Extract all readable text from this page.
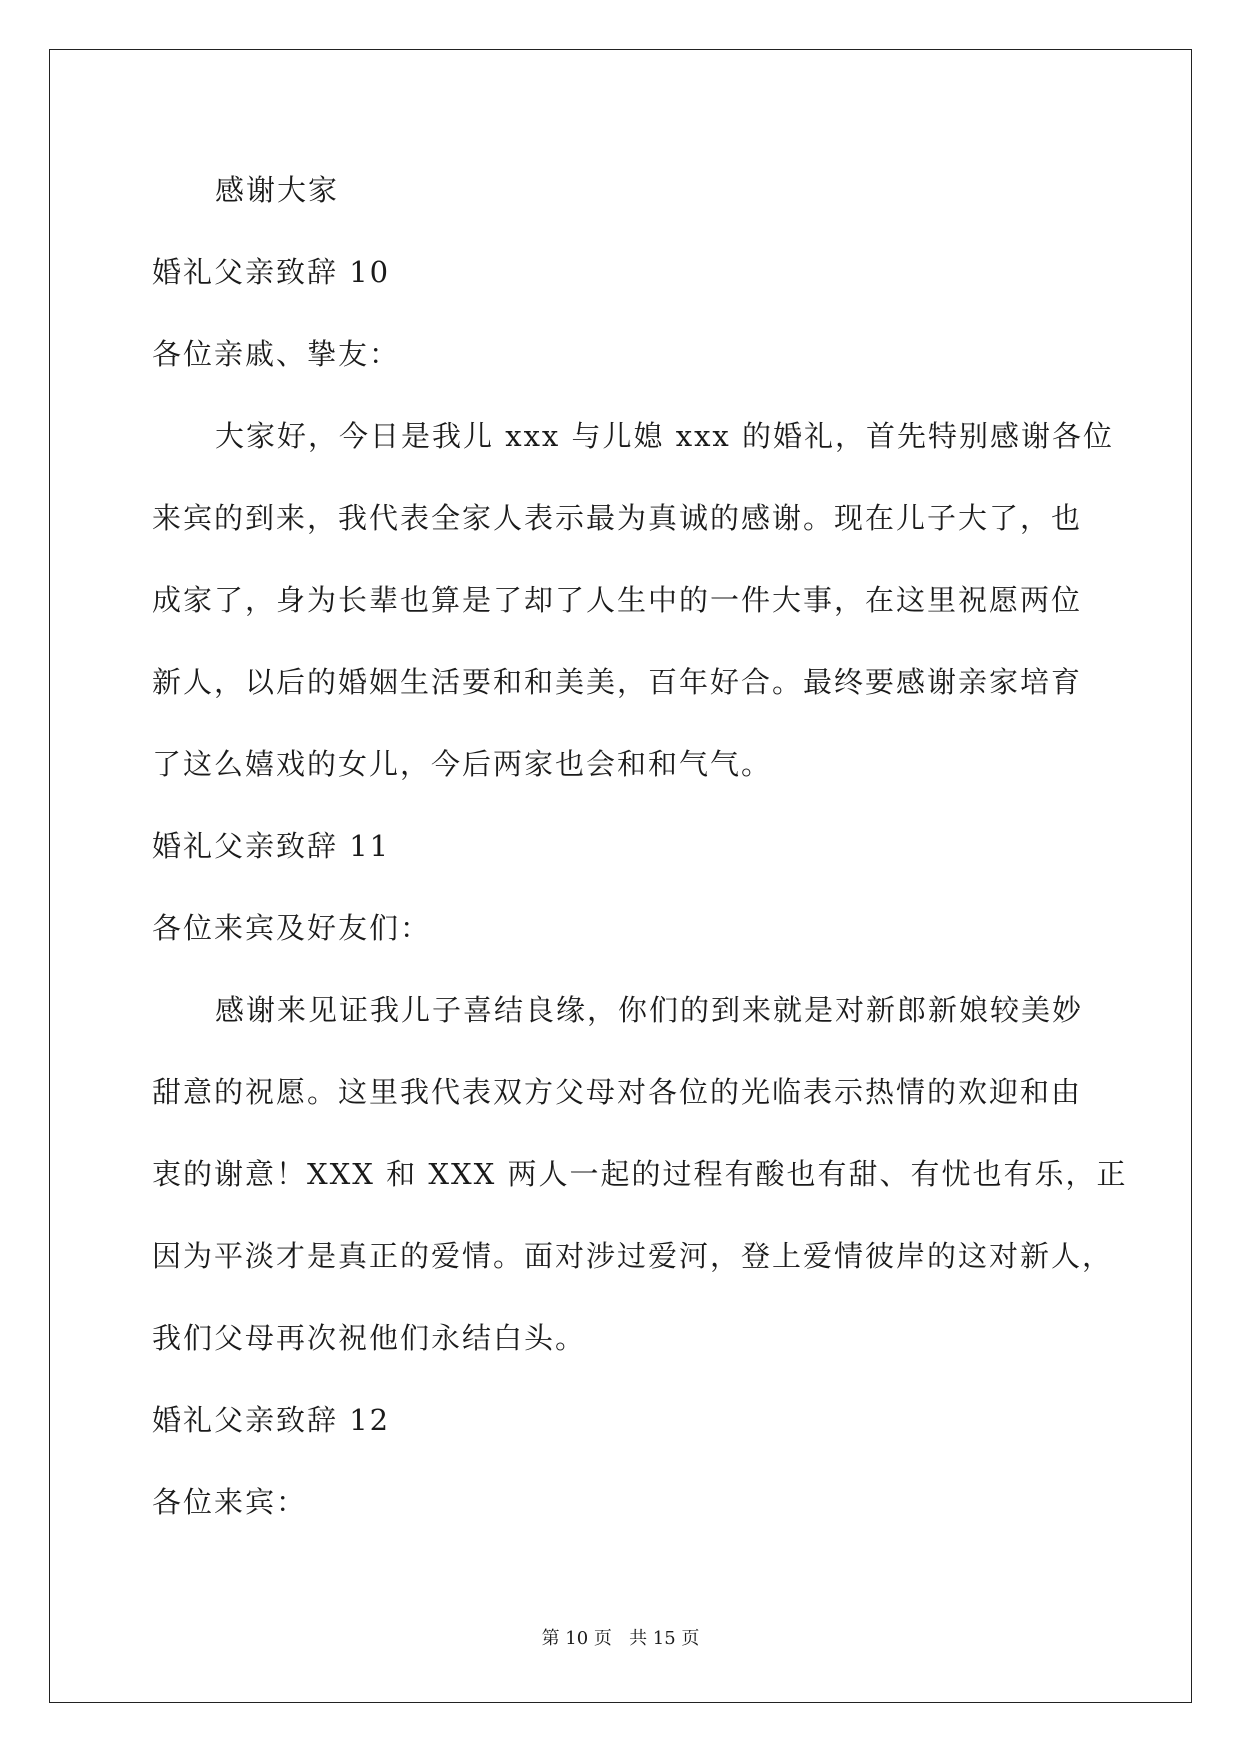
感谢大家
婚礼父亲致辞 10
各位亲戚、挚友：
大家好，今日是我儿 xxx 与儿媳 xxx 的婚礼，首先特别感谢各位
来宾的到来，我代表全家人表示最为真诚的感谢。现在儿子大了，也
成家了，身为长辈也算是了却了人生中的一件大事，在这里祝愿两位
新人，以后的婚姻生活要和和美美，百年好合。最终要感谢亲家培育
了这么嬉戏的女儿，今后两家也会和和气气。
婚礼父亲致辞 11
各位来宾及好友们：
感谢来见证我儿子喜结良缘，你们的到来就是对新郎新娘较美妙
甜意的祝愿。这里我代表双方父母对各位的光临表示热情的欢迎和由
衷的谢意！XXX 和 XXX 两人一起的过程有酸也有甜、有忧也有乐，正
因为平淡才是真正的爱情。面对涉过爱河，登上爱情彼岸的这对新人，
我们父母再次祝他们永结白头。
婚礼父亲致辞 12
各位来宾：
第 10 页   共 15 页
